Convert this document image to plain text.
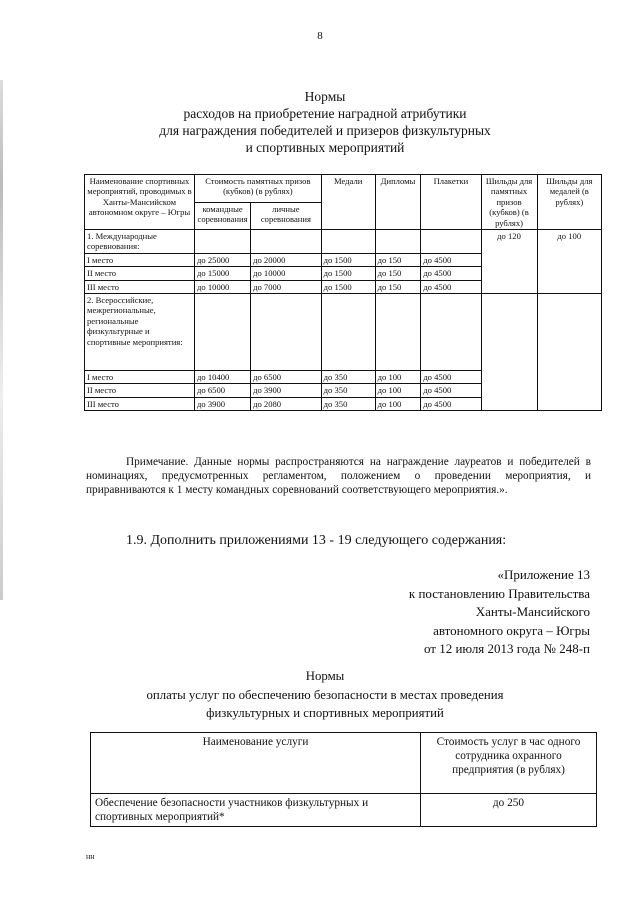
8
Нормы
расходов на приобретение наградной атрибутики
для награждения победителей и призеров физкультурных
и спортивных мероприятий
Наименование спортивных мероприятий, проводимых в Ханты-Мансийском автономном округе – Югры	Стоимость памятных призов (кубков) (в рублях)		Медали	Дипломы	Плакетки	Шильды для памятных призов (кубков) (в рублях)	Шильды для медалей (в рублях)
	командные соревнования	личные соревнования					
1. Международные соревнования:						до 120	до 100
I место	до 25000	до 20000	до 1500	до 150	до 4500		
II место	до 15000	до 10000	до 1500	до 150	до 4500		
III место	до 10000	до 7000	до 1500	до 150	до 4500		
2. Всероссийские, межрегиональные, региональные физкультурные и спортивные мероприятия:							
I место	до 10400	до 6500	до 350	до 100	до 4500		
II место	до 6500	до 3900	до 350	до 100	до 4500		
III место	до 3900	до 2080	до 350	до 100	до 4500		
Примечание. Данные нормы распространяются на награждение лауреатов и победителей в номинациях, предусмотренных регламентом, положением о проведении мероприятия, и приравниваются к 1 месту командных соревнований соответствующего мероприятия.».
1.9. Дополнить приложениями 13 - 19 следующего содержания:
«Приложение 13
к постановлению Правительства
Ханты-Мансийского
автономного округа – Югры
от 12 июля 2013 года № 248-п
Нормы
оплаты услуг по обеспечению безопасности в местах проведения
физкультурных и спортивных мероприятий
Наименование услуги	Стоимость услуг в час одного сотрудника охранного предприятия (в рублях)
Обеспечение безопасности участников физкультурных и спортивных мероприятий*	до 250
нн
